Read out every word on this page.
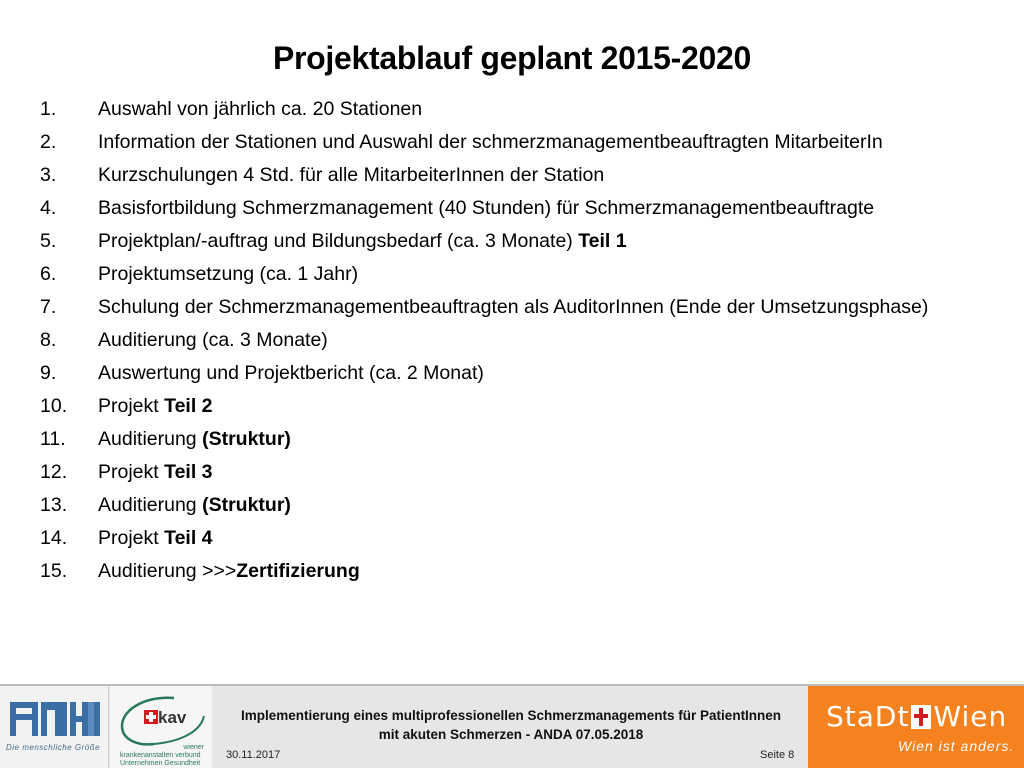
Projektablauf geplant 2015-2020
1. Auswahl von jährlich ca. 20 Stationen
2. Information der Stationen und Auswahl der schmerzmanagementbeauftragten MitarbeiterIn
3. Kurzschulungen 4 Std. für alle MitarbeiterInnen der Station
4. Basisfortbildung Schmerzmanagement (40 Stunden) für Schmerzmanagementbeauftragte
5. Projektplan/-auftrag und Bildungsbedarf (ca. 3 Monate) Teil 1
6. Projektumsetzung (ca. 1 Jahr)
7. Schulung der Schmerzmanagementbeauftragten als AuditorInnen (Ende der Umsetzungsphase)
8. Auditierung (ca. 3 Monate)
9. Auswertung und Projektbericht (ca. 2 Monat)
10. Projekt Teil 2
11. Auditierung (Struktur)
12. Projekt Teil 3
13. Auditierung (Struktur)
14. Projekt Teil 4
15. Auditierung >>>Zertifizierung
Die menschliche Größe
kav
wiener
krankenanstalten verbund
Unternehmen Gesundheit
Implementierung eines multiprofessionellen Schmerzmanagements für PatientInnen
mit akuten Schmerzen - ANDA 07.05.2018
30.11.2017	Seite 8
StaDt Wien
Wien ist anders.
